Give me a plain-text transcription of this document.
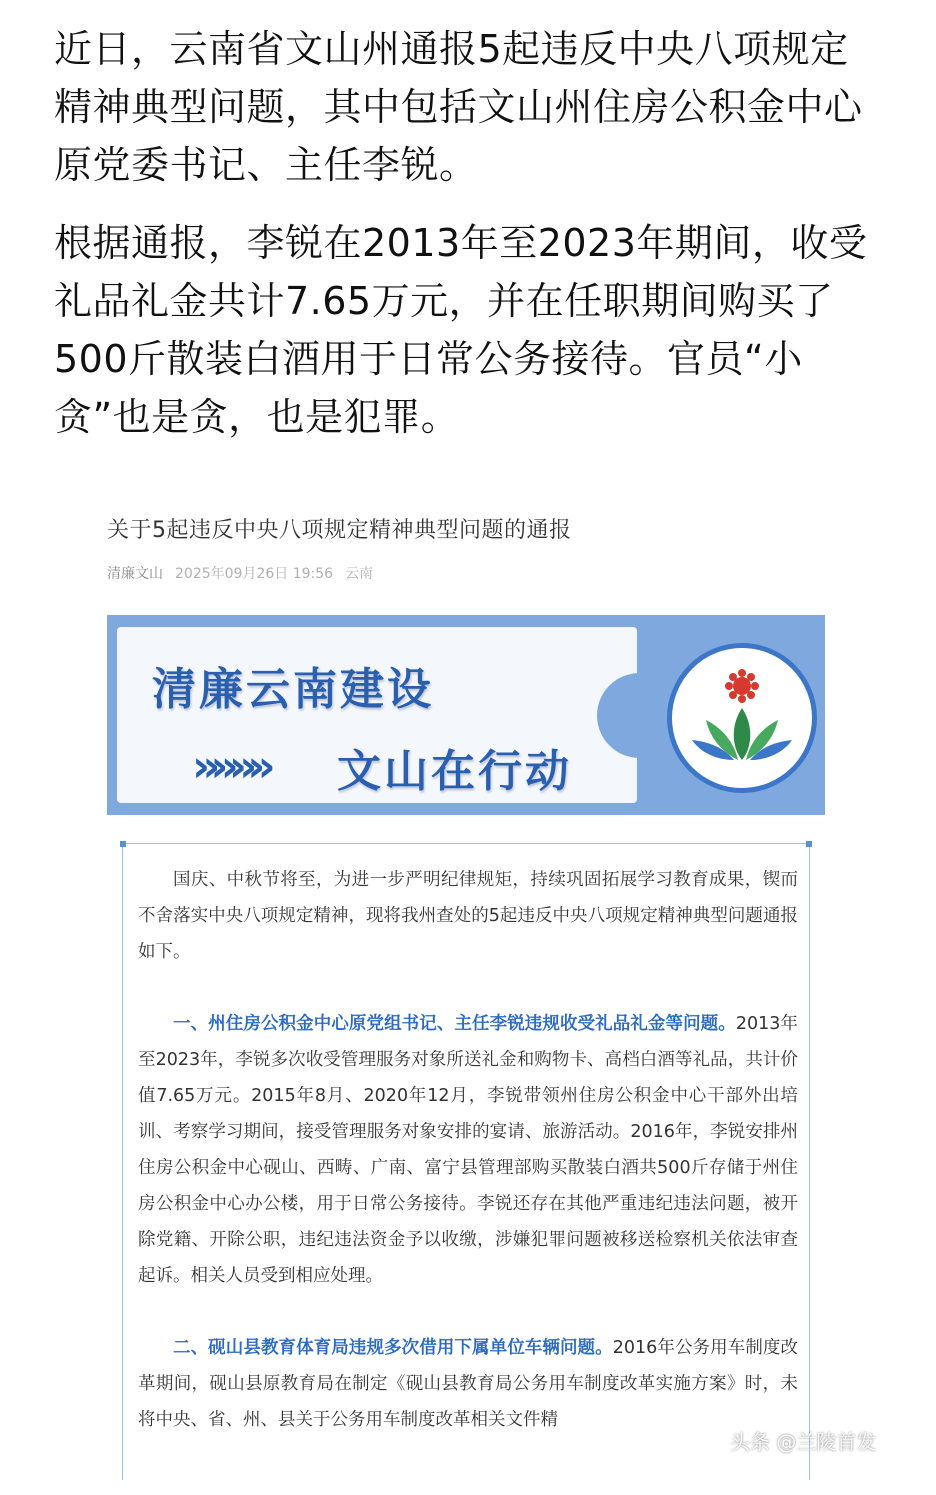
近日，云南省文山州通报5起违反中央八项规定精神典型问题，其中包括文山州住房公积金中心原党委书记、主任李锐。

根据通报，李锐在2013年至2023年期间，收受礼品礼金共计7.65万元，并在任职期间购买了500斤散装白酒用于日常公务接待。官员“小贪”也是贪，也是犯罪。

关于5起违反中央八项规定精神典型问题的通报
清廉文山 2025年09月26日 19:56 云南
清廉云南建设
»»»» 文山在行动

国庆、中秋节将至，为进一步严明纪律规矩，持续巩固拓展学习教育成果，锲而不舍落实中央八项规定精神，现将我州查处的5起违反中央八项规定精神典型问题通报如下。

一、州住房公积金中心原党组书记、主任李锐违规收受礼品礼金等问题。2013年至2023年，李锐多次收受管理服务对象所送礼金和购物卡、高档白酒等礼品，共计价值7.65万元。2015年8月、2020年12月，李锐带领州住房公积金中心干部外出培训、考察学习期间，接受管理服务对象安排的宴请、旅游活动。2016年，李锐安排州住房公积金中心砚山、西畴、广南、富宁县管理部购买散装白酒共500斤存储于州住房公积金中心办公楼，用于日常公务接待。李锐还存在其他严重违纪违法问题，被开除党籍、开除公职，违纪违法资金予以收缴，涉嫌犯罪问题被移送检察机关依法审查起诉。相关人员受到相应处理。

二、砚山县教育体育局违规多次借用下属单位车辆问题。2016年公务用车制度改革期间，砚山县原教育局在制定《砚山县教育局公务用车制度改革实施方案》时，未将中央、省、州、县关于公务用车制度改革相关文件精

头条 @兰陵首发
